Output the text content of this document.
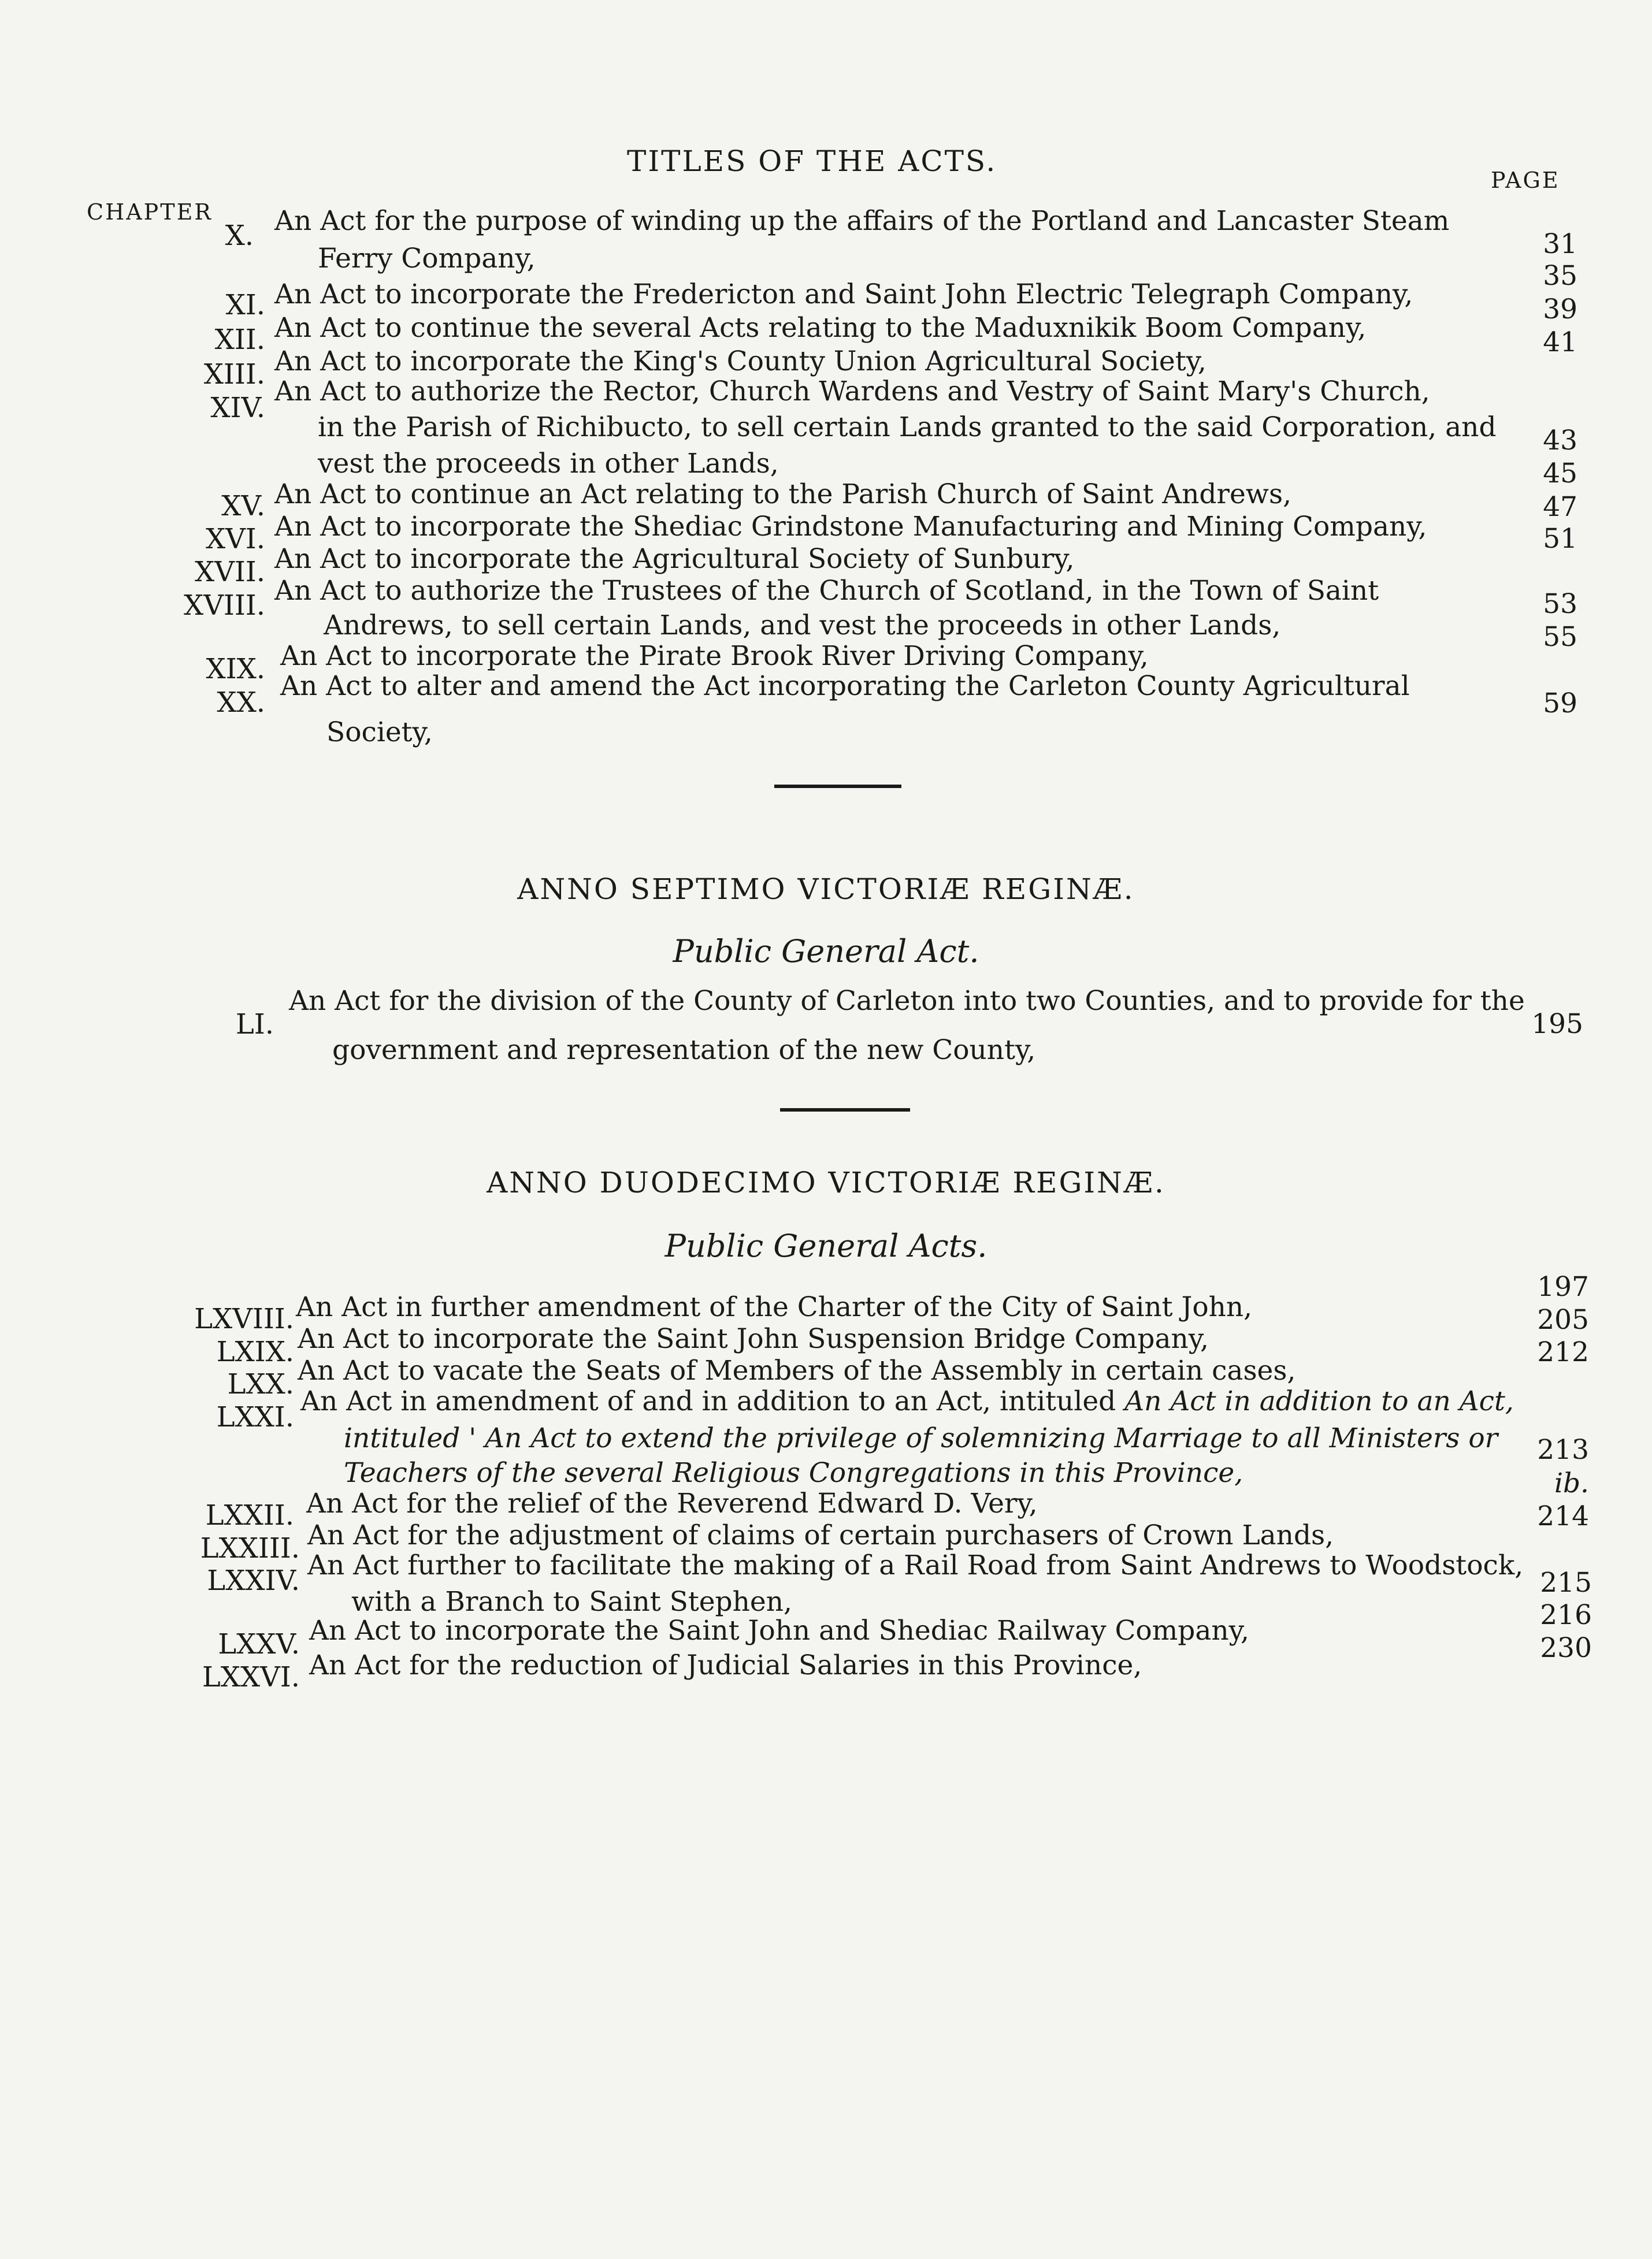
TITLES OF THE ACTS.
PAGE
CHAPTER
X. An Act for the purpose of winding up the affairs of the Portland and Lancaster Steam
Ferry Company,	31
XI. An Act to incorporate the Fredericton and Saint John Electric Telegraph Company,
35
XII. An Act to continue the several Acts relating to the Maduxnikik Boom Company,
39
XIII. An Act to incorporate the King's County Union Agricultural Society,
41
XIV.
An Act to authorize the Rector, Church Wardens and Vestry of Saint Mary's Church,
in the Parish of Richibucto, to sell certain Lands granted to the said Corporation, and
vest the proceeds in other Lands,
43
XV. An Act to continue an Act relating to the Parish Church of Saint Andrews,
45
XVI. An Act to incorporate the Shediac Grindstone Manufacturing and Mining Company,
47
XVII. An Act to incorporate the Agricultural Society of Sunbury,
51
XVIII. An Act to authorize the Trustees of the Church of Scotland, in the Town of Saint
Andrews, to sell certain Lands, and vest the proceeds in other Lands,
53
XIX. An Act to incorporate the Pirate Brook River Driving Company,
55
XX.
An Act to alter and amend the Act incorporating the Carleton County Agricultural
Society,
59
ANNO SEPTIMO VICTORIÆ REGINÆ.
Public General Act.
LI.
An Act for the division of the County of Carleton into two Counties, and to provide for the
government and representation of the new County,
195
ANNO DUODECIMO VICTORIÆ REGINÆ.
Public General Acts.
LXVIII. An Act in further amendment of the Charter of the City of Saint John,
197
LXIX. An Act to incorporate the Saint John Suspension Bridge Company,
205
LXX. An Act to vacate the Seats of Members of the Assembly in certain cases,
212
LXXI. An Act in amendment of and in addition to an Act, intituled An Act in addition to an Act,
intituled ' An Act to extend the privilege of solemnizing Marriage to all Ministers or
Teachers of the several Religious Congregations in this Province,
213
LXXII. An Act for the relief of the Reverend Edward D. Very,
ib.
LXXIII. An Act for the adjustment of claims of certain purchasers of Crown Lands,
214
LXXIV. An Act further to facilitate the making of a Rail Road from Saint Andrews to Woodstock,
with a Branch to Saint Stephen,
215
LXXV. An Act to incorporate the Saint John and Shediac Railway Company,	216
LXXVI. An Act for the reduction of Judicial Salaries in this Province,
230
